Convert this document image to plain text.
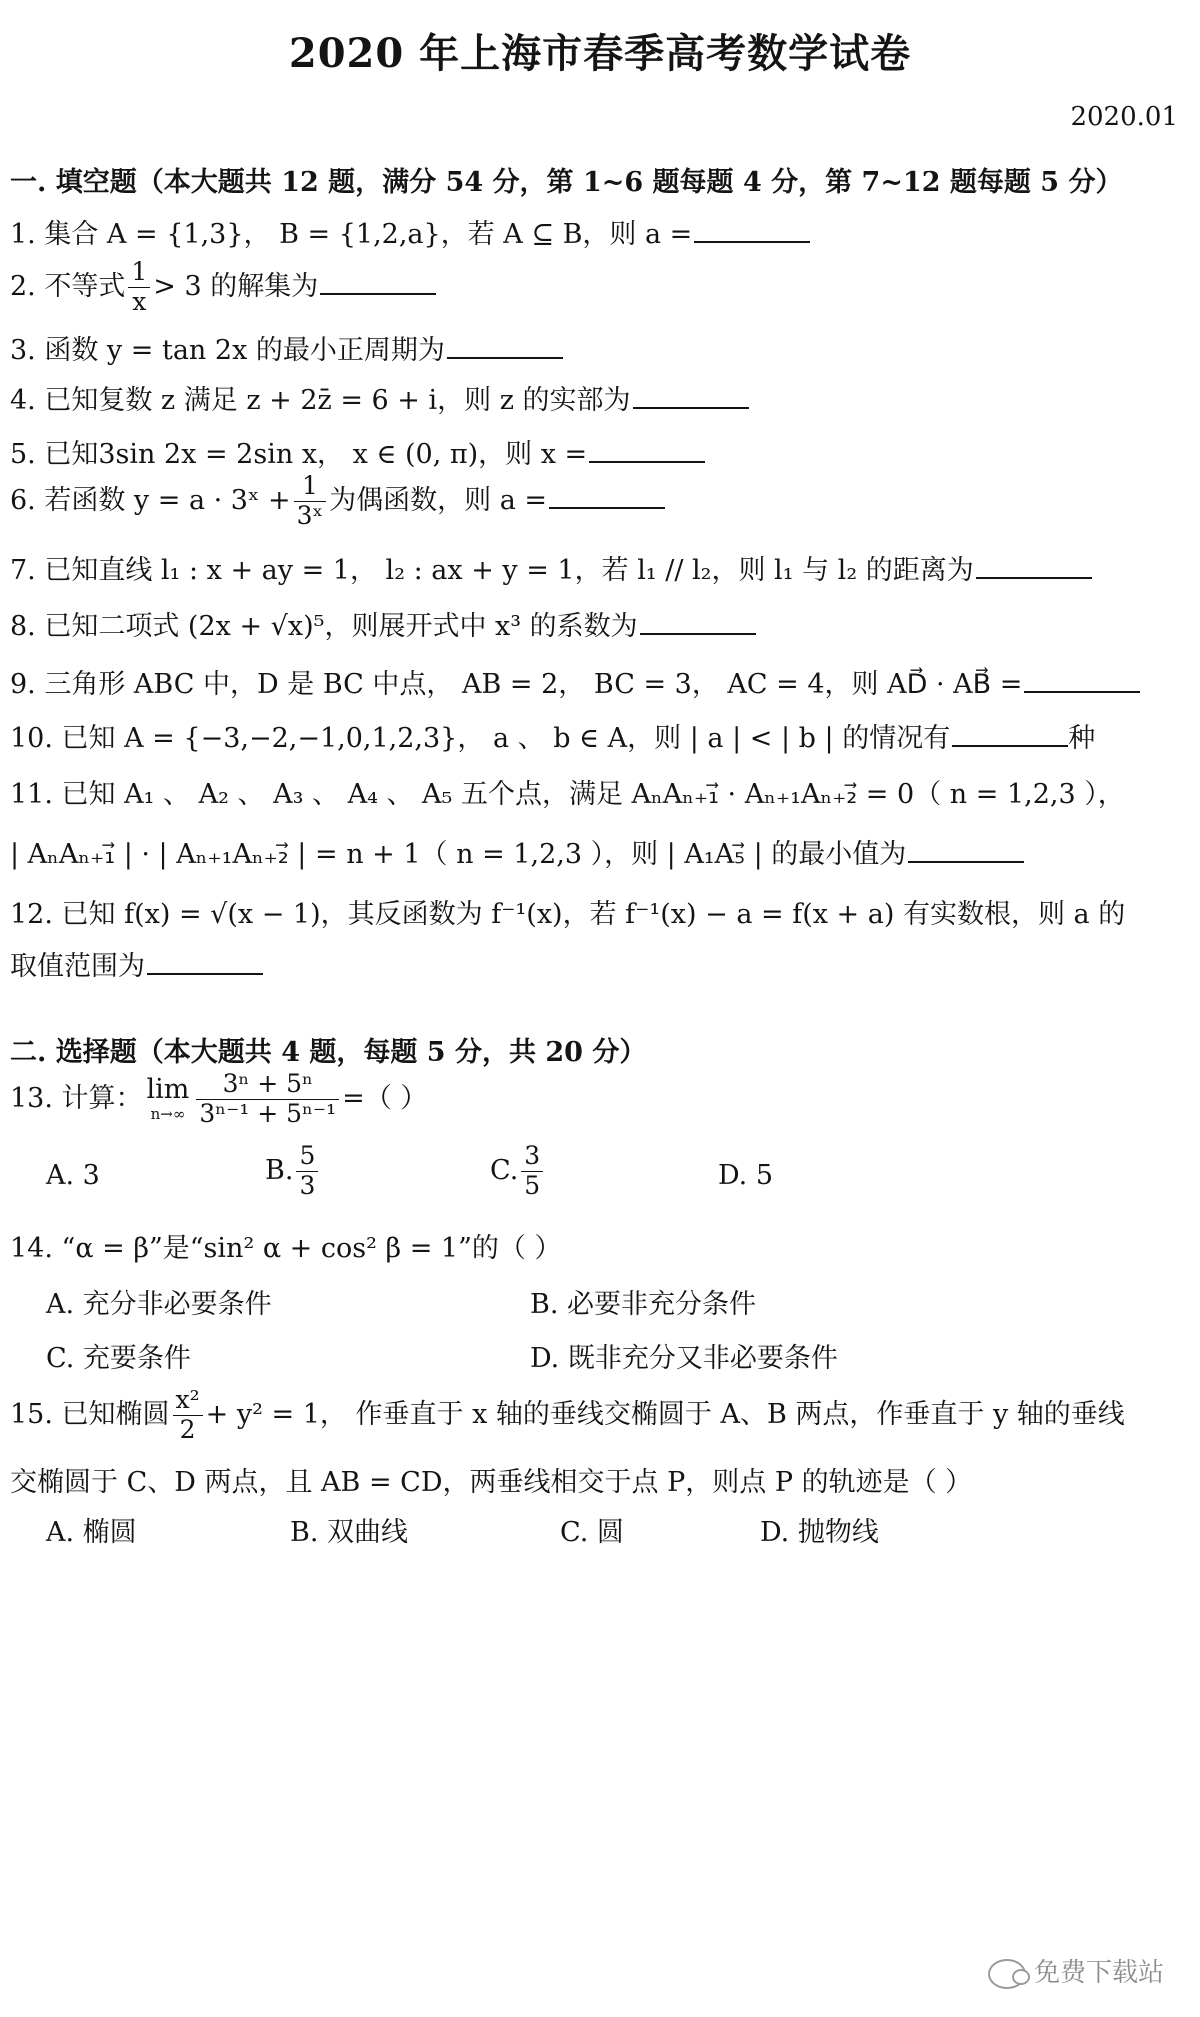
2020 年上海市春季高考数学试卷
2020.01
一. 填空题（本大题共 12 题，满分 54 分，第 1~6 题每题 4 分，第 7~12 题每题 5 分）
1. 集合 A = {1,3}， B = {1,2,a}，若 A ⊆ B，则 a =
2. 不等式 $\frac{1}{x} > 3$ 的解集为
3. 函数 y = tan 2x 的最小正周期为
4. 已知复数 z 满足 z + 2z̄ = 6 + i，则 z 的实部为
5. 已知3sin 2x = 2sin x， x ∈ (0, π)，则 x =
6. 若函数 y = a · 3ˣ + $\frac{1}{\text{3ˣ}}$ 为偶函数，则 a =
7. 已知直线 l₁ : x + ay = 1， l₂ : ax + y = 1，若 l₁ // l₂，则 l₁ 与 l₂ 的距离为
8. 已知二项式 (2x + √x)⁵，则展开式中 x³ 的系数为
9. 三角形 ABC 中，D 是 BC 中点， AB = 2， BC = 3， AC = 4，则 AD⃗ · AB⃗ =
10. 已知 A = {−3,−2,−1,0,1,2,3}， a 、 b ∈ A，则 | a | < | b | 的情况有	种
11. 已知 A₁ 、 A₂ 、 A₃ 、 A₄ 、 A₅ 五个点，满足 AₙAₙ₊₁⃗ · Aₙ₊₁Aₙ₊₂⃗ = 0（ n = 1,2,3 ），
| AₙAₙ₊₁⃗ | · | Aₙ₊₁Aₙ₊₂⃗ | = n + 1（ n = 1,2,3 ），则 | A₁A₅⃗ | 的最小值为
12. 已知 f(x) = √(x − 1)，其反函数为 f⁻¹(x)，若 f⁻¹(x) − a = f(x + a) 有实数根，则 a 的
取值范围为
二. 选择题（本大题共 4 题，每题 5 分，共 20 分）
13. 计算： lim
$n\to\infty \frac{\text{3ⁿ + 5ⁿ}}{\text{3ⁿ⁻¹ + 5ⁿ⁻¹}}$ =（ ）
A. 3	B. $\frac{5}{3}$	C. $\frac{3}{5}$	D. 5
14. “α = β”是“sin² α + cos² β = 1”的（ ）
A. 充分非必要条件	B. 必要非充分条件
C. 充要条件	D. 既非充分又非必要条件
15. 已知椭圆 $\frac{\text{x²}}{2} + y^2 = 1$， 作垂直于 x 轴的垂线交椭圆于 A、B 两点，作垂直于 y 轴的垂线
交椭圆于 C、D 两点，且 AB = CD，两垂线相交于点 P，则点 P 的轨迹是（ ）
A. 椭圆	B. 双曲线	C. 圆	D. 抛物线
免费下载站
